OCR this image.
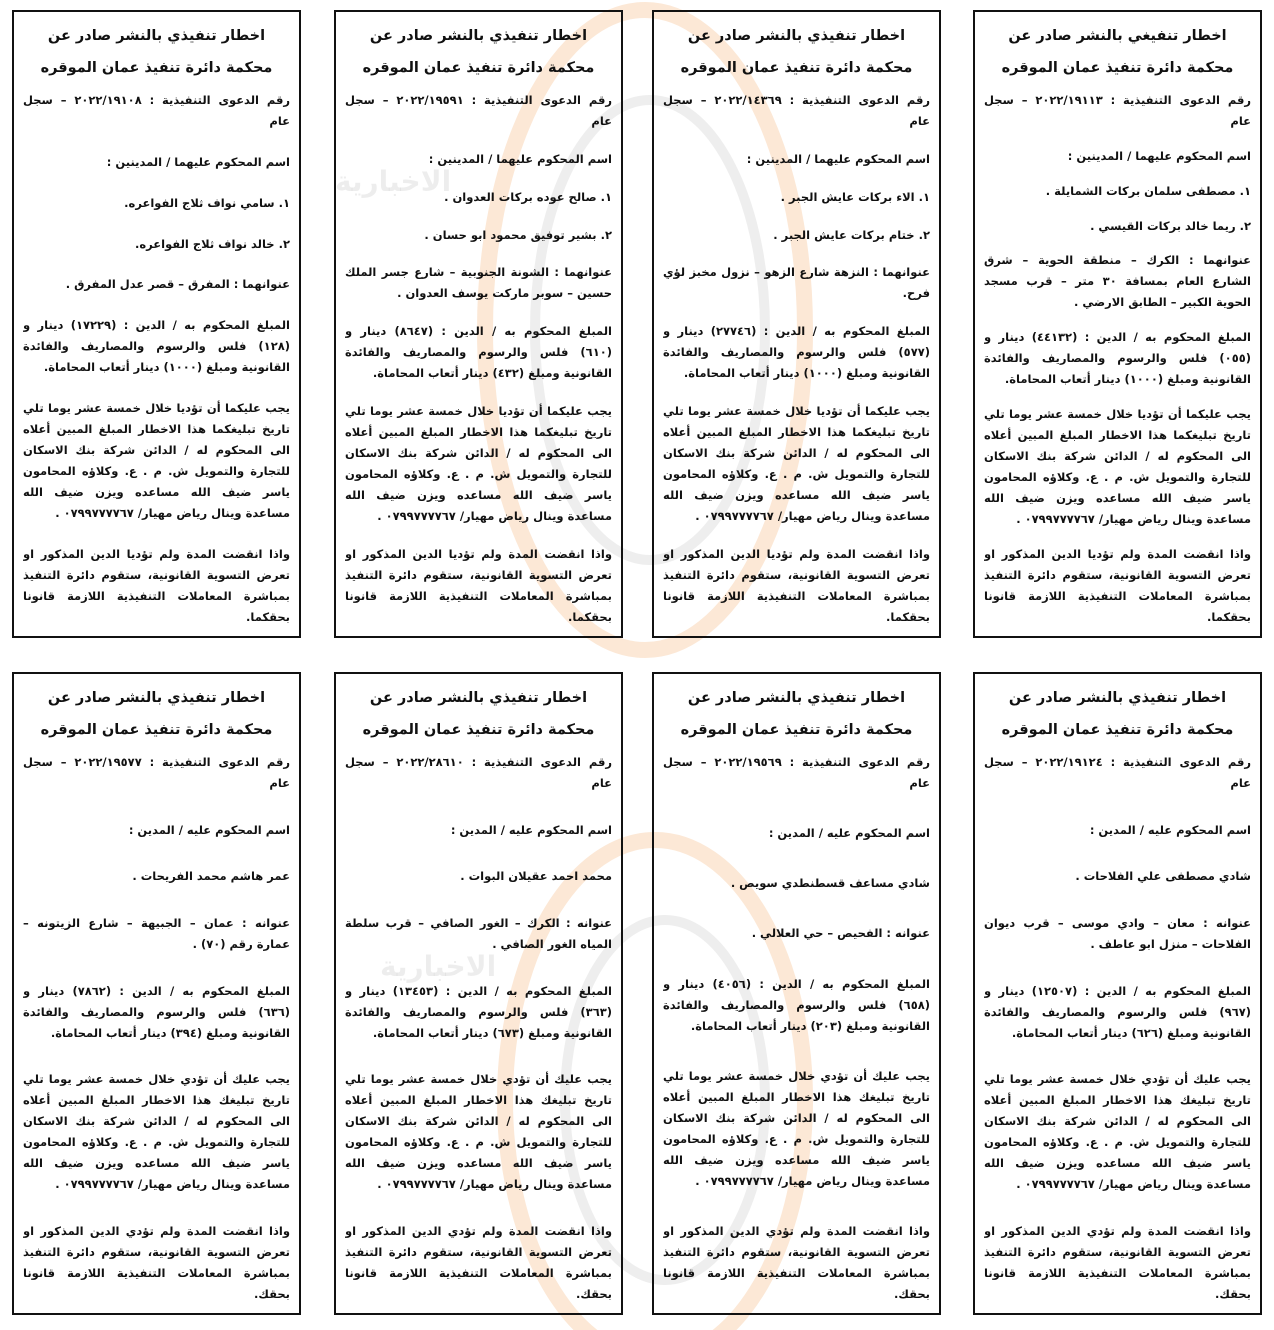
الاخبارية
الاخبارية
اخطار تنفيغي بالنشر صادر عن
محكمة دائرة تنفيذ عمان الموقره

رقم الدعوى التنفيذية : ٢٠٢٢/١٩١١٣ – سجل عام

اسم المحكوم عليهما / المدينين :

١. مصطفى سلمان بركات الشمايلة .

٢. ريما خالد بركات القيسي .

عنوانهما : الكرك – منطقة الحوية – شرق الشارع العام بمسافة ٣٠ متر – قرب مسجد الحوية الكبير – الطابق الارضي .

المبلغ المحكوم به / الدين : (٤٤١٣٢) دينار و (٠٥٥) فلس والرسوم والمصاريف والفائدة القانونية ومبلغ (١٠٠٠) دينار أتعاب المحاماة.

يجب عليكما أن تؤديا خلال خمسة عشر يوما تلي تاريخ تبليغكما هذا الاخطار المبلغ المبين أعلاه الى المحكوم له / الدائن شركة بنك الاسكان للتجارة والتمويل ش. م . ع. وكلاؤه المحامون ياسر ضيف الله مساعده ويزن ضيف الله مساعدة وينال رياض مهيار/ ٠٧٩٩٧٧٧٧٦٧ .

واذا انقضت المدة ولم تؤديا الدين المذكور او تعرض التسوية القانونية، ستقوم دائرة التنفيذ بمباشرة المعاملات التنفيذية اللازمة قانونا بحقكما.

اخطار تنفيذي بالنشر صادر عن
محكمة دائرة تنفيذ عمان الموقره

رقم الدعوى التنفيذية : ٢٠٢٢/١٤٣٦٩ – سجل عام

اسم المحكوم عليهما / المدينين :

١. الاء بركات عايش الجبر .

٢. ختام بركات عايش الجبر .

عنوانهما : النزهة شارع الزهو – نزول مخبز لؤي فرح.

المبلغ المحكوم به / الدين : (٢٧٧٤٦) دينار و (٥٧٧) فلس والرسوم والمصاريف والفائدة القانونية ومبلغ (١٠٠٠) دينار أتعاب المحاماة.

يجب عليكما أن تؤديا خلال خمسة عشر يوما تلي تاريخ تبليغكما هذا الاخطار المبلغ المبين أعلاه الى المحكوم له / الدائن شركة بنك الاسكان للتجارة والتمويل ش. م . ع. وكلاؤه المحامون ياسر ضيف الله مساعده ويزن ضيف الله مساعدة وينال رياض مهيار/ ٠٧٩٩٧٧٧٧٦٧ .

واذا انقضت المدة ولم تؤديا الدين المذكور او تعرض التسوية القانونية، ستقوم دائرة التنفيذ بمباشرة المعاملات التنفيذية اللازمة قانونا بحقكما.

اخطار تنفيذي بالنشر صادر عن
محكمة دائرة تنفيذ عمان الموقره

رقم الدعوى التنفيذية : ٢٠٢٢/١٩٥٩١ – سجل عام

اسم المحكوم عليهما / المدينين :

١. صالح عوده بركات العدوان .

٢. بشير توفيق محمود ابو حسان .

عنوانهما : الشونة الجنوبية – شارع جسر الملك حسين – سوبر ماركت يوسف العدوان .

المبلغ المحكوم به / الدين : (٨٦٤٧) دينار و (٦١٠) فلس والرسوم والمصاريف والفائدة القانونية ومبلغ (٤٣٢) دينار أتعاب المحاماة.

يجب عليكما أن تؤديا خلال خمسة عشر يوما تلي تاريخ تبليغكما هذا الاخطار المبلغ المبين أعلاه الى المحكوم له / الدائن شركة بنك الاسكان للتجارة والتمويل ش. م . ع. وكلاؤه المحامون ياسر ضيف الله مساعده ويزن ضيف الله مساعدة وينال رياض مهيار/ ٠٧٩٩٧٧٧٧٦٧ .

واذا انقضت المدة ولم تؤديا الدين المذكور او تعرض التسوية القانونية، ستقوم دائرة التنفيذ بمباشرة المعاملات التنفيذية اللازمة قانونا بحقكما.

اخطار تنفيذي بالنشر صادر عن
محكمة دائرة تنفيذ عمان الموقره

رقم الدعوى التنفيذية : ٢٠٢٢/١٩١٠٨ – سجل عام

اسم المحكوم عليهما / المدينين :

١. سامي نواف ثلاج الفواعره.

٢. خالد نواف ثلاج الفواعره.

عنوانهما : المفرق – قصر عدل المفرق .

المبلغ المحكوم به / الدين : (١٧٢٢٩) دينار و (١٢٨) فلس والرسوم والمصاريف والفائدة القانونية ومبلغ (١٠٠٠) دينار أتعاب المحاماة.

يجب عليكما أن تؤديا خلال خمسة عشر يوما تلي تاريخ تبليغكما هذا الاخطار المبلغ المبين أعلاه الى المحكوم له / الدائن شركة بنك الاسكان للتجارة والتمويل ش. م . ع. وكلاؤه المحامون ياسر ضيف الله مساعده ويزن ضيف الله مساعدة وينال رياض مهيار/ ٠٧٩٩٧٧٧٧٦٧ .

واذا انقضت المدة ولم تؤديا الدين المذكور او تعرض التسوية القانونية، ستقوم دائرة التنفيذ بمباشرة المعاملات التنفيذية اللازمة قانونا بحقكما.

اخطار تنفيذي بالنشر صادر عن
محكمة دائرة تنفيذ عمان الموقره

رقم الدعوى التنفيذية : ٢٠٢٢/١٩١٢٤ – سجل عام

اسم المحكوم عليه / المدين :

شادي مصطفى علي الفلاحات .

عنوانه : معان – وادي موسى – قرب ديوان الفلاحات – منزل ابو عاطف .

المبلغ المحكوم به / الدين : (١٢٥٠٧) دينار و (٩٦٧) فلس والرسوم والمصاريف والفائدة القانونية ومبلغ (٦٢٦) دينار أتعاب المحاماة.

يجب عليك أن تؤدي خلال خمسة عشر يوما تلي تاريخ تبليغك هذا الاخطار المبلغ المبين أعلاه الى المحكوم له / الدائن شركة بنك الاسكان للتجارة والتمويل ش. م . ع. وكلاؤه المحامون ياسر ضيف الله مساعده ويزن ضيف الله مساعدة وينال رياض مهيار/ ٠٧٩٩٧٧٧٧٦٧ .

واذا انقضت المدة ولم تؤدي الدين المذكور او تعرض التسوية القانونية، ستقوم دائرة التنفيذ بمباشرة المعاملات التنفيذية اللازمة قانونا بحقك.

اخطار تنفيذي بالنشر صادر عن
محكمة دائرة تنفيذ عمان الموقره

رقم الدعوى التنفيذية : ٢٠٢٢/١٩٥٦٩ – سجل عام

اسم المحكوم عليه / المدين :

شادي مساعف قسطنطدي سويص .

عنوانه : الفحيص – حي العلالي .

المبلغ المحكوم به / الدين : (٤٠٥٦) دينار و (٦٥٨) فلس والرسوم والمصاريف والفائدة القانونية ومبلغ (٢٠٣) دينار أتعاب المحاماة.

يجب عليك أن تؤدي خلال خمسة عشر يوما تلي تاريخ تبليغك هذا الاخطار المبلغ المبين أعلاه الى المحكوم له / الدائن شركة بنك الاسكان للتجارة والتمويل ش. م . ع. وكلاؤه المحامون ياسر ضيف الله مساعده ويزن ضيف الله مساعدة وينال رياض مهيار/ ٠٧٩٩٧٧٧٧٦٧ .

واذا انقضت المدة ولم تؤدي الدين المذكور او تعرض التسوية القانونية، ستقوم دائرة التنفيذ بمباشرة المعاملات التنفيذية اللازمة قانونا بحقك.

اخطار تنفيذي بالنشر صادر عن
محكمة دائرة تنفيذ عمان الموقره

رقم الدعوى التنفيذية : ٢٠٢٢/٢٨٦١٠ – سجل عام

اسم المحكوم عليه / المدين :

محمد احمد عقيلان البوات .

عنوانه : الكرك – الغور الصافي – قرب سلطة المياه الغور الصافي .

المبلغ المحكوم به / الدين : (١٣٤٥٣) دينار و (٣٦٣) فلس والرسوم والمصاريف والفائدة القانونية ومبلغ (٦٧٣) دينار أتعاب المحاماة.

يجب عليك أن تؤدي خلال خمسة عشر يوما تلي تاريخ تبليغك هذا الاخطار المبلغ المبين أعلاه الى المحكوم له / الدائن شركة بنك الاسكان للتجارة والتمويل ش. م . ع. وكلاؤه المحامون ياسر ضيف الله مساعده ويزن ضيف الله مساعدة وينال رياض مهيار/ ٠٧٩٩٧٧٧٧٦٧ .

واذا انقضت المدة ولم تؤدي الدين المذكور او تعرض التسوية القانونية، ستقوم دائرة التنفيذ بمباشرة المعاملات التنفيذية اللازمة قانونا بحقك.

اخطار تنفيذي بالنشر صادر عن
محكمة دائرة تنفيذ عمان الموقره

رقم الدعوى التنفيذية : ٢٠٢٢/١٩٥٧٧ – سجل عام

اسم المحكوم عليه / المدين :

عمر هاشم محمد الفريحات .

عنوانه : عمان – الجبيهة – شارع الزيتونه – عمارة رقم (٧٠) .

المبلغ المحكوم به / الدين : (٧٨٦٢) دينار و (٦٣٦) فلس والرسوم والمصاريف والفائدة القانونية ومبلغ (٣٩٤) دينار أتعاب المحاماة.

يجب عليك أن تؤدي خلال خمسة عشر يوما تلي تاريخ تبليغك هذا الاخطار المبلغ المبين أعلاه الى المحكوم له / الدائن شركة بنك الاسكان للتجارة والتمويل ش. م . ع. وكلاؤه المحامون ياسر ضيف الله مساعده ويزن ضيف الله مساعدة وينال رياض مهيار/ ٠٧٩٩٧٧٧٧٦٧ .

واذا انقضت المدة ولم تؤدي الدين المذكور او تعرض التسوية القانونية، ستقوم دائرة التنفيذ بمباشرة المعاملات التنفيذية اللازمة قانونا بحقك.
